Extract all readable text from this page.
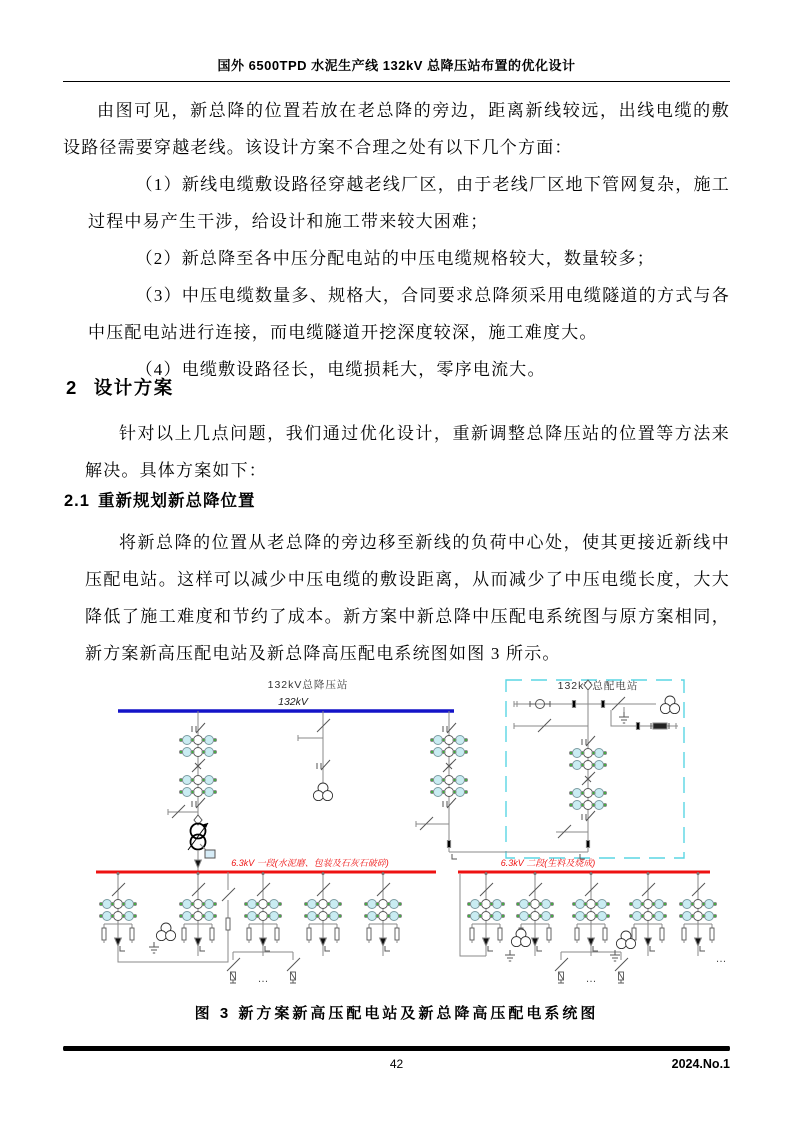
国外 6500TPD 水泥生产线 132kV 总降压站布置的优化设计

由图可见，新总降的位置若放在老总降的旁边，距离新线较远，出线电缆的敷设路径需要穿越老线。该设计方案不合理之处有以下几个方面：

（1）新线电缆敷设路径穿越老线厂区，由于老线厂区地下管网复杂，施工过程中易产生干涉，给设计和施工带来较大困难；

（2）新总降至各中压分配电站的中压电缆规格较大，数量较多；

（3）中压电缆数量多、规格大，合同要求总降须采用电缆隧道的方式与各中压配电站进行连接，而电缆隧道开挖深度较深，施工难度大。

（4）电缆敷设路径长，电缆损耗大，零序电流大。

2 设计方案

针对以上几点问题，我们通过优化设计，重新调整总降压站的位置等方法来解决。具体方案如下：

2.1 重新规划新总降位置

将新总降的位置从老总降的旁边移至新线的负荷中心处，使其更接近新线中压配电站。这样可以减少中压电缆的敷设距离，从而减少了中压电缆长度，大大降低了施工难度和节约了成本。新方案中新总降中压配电系统图与原方案相同，新方案新高压配电站及新总降高压配电系统图如图 3 所示。

132kV总降压站	132kV总配电站
132kV
6.3kV 一段(水泥磨、包装及石灰石破碎)	6.3kV 二段(生料及烧成)
…	…
…
图 3 新方案新高压配电站及新总降高压配电系统图
42	2024.No.1
